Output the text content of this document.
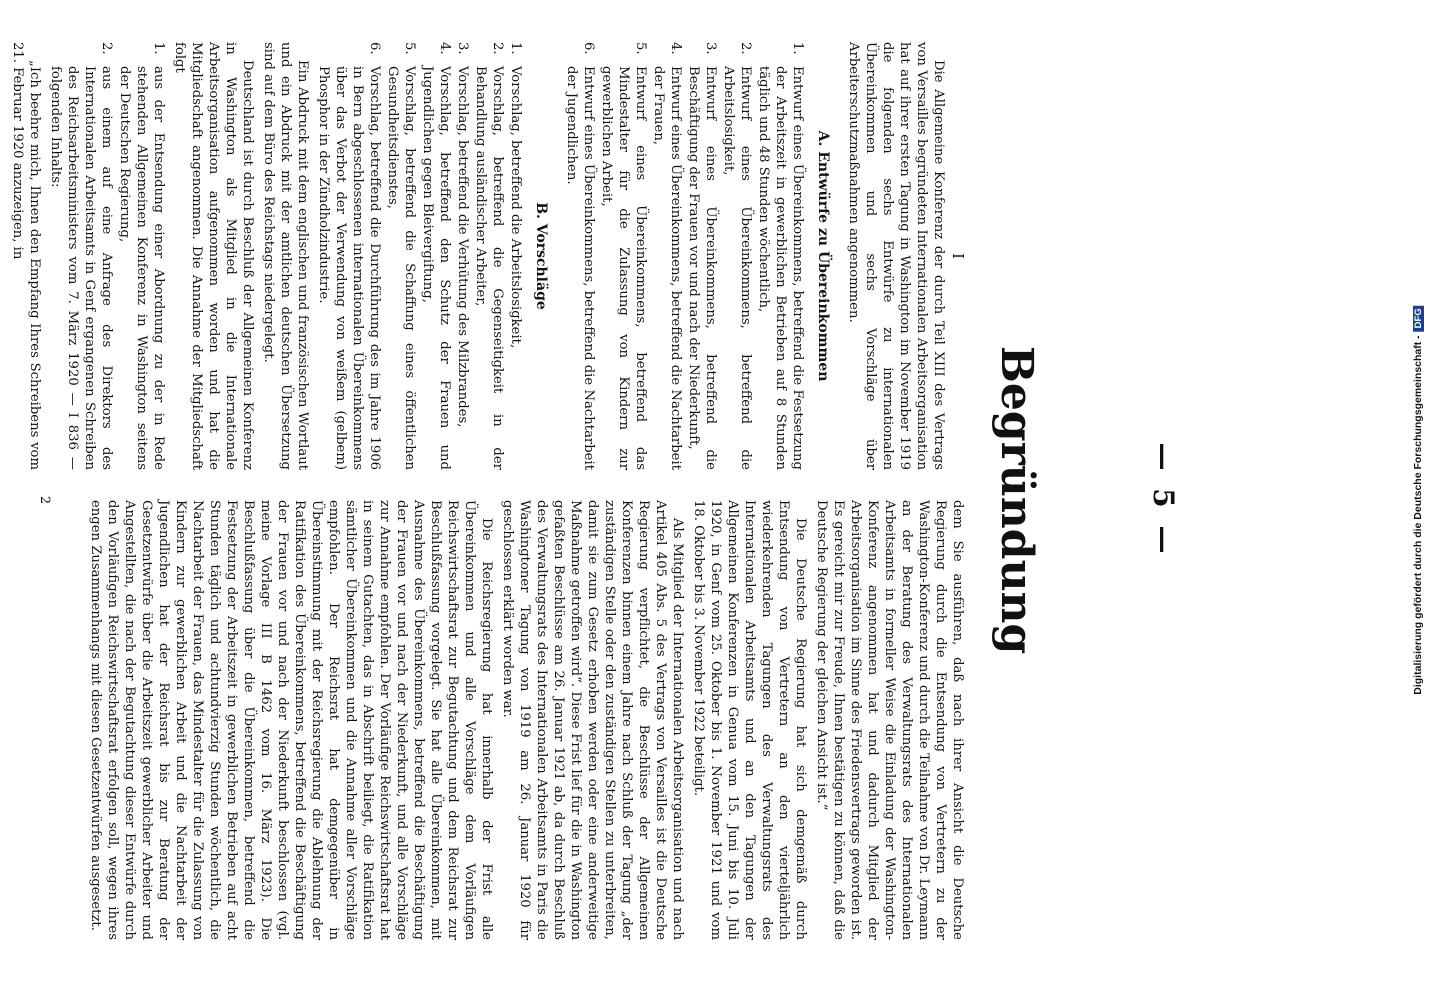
— 5 —
Begründung
I

Die Allgemeine Konferenz der durch Teil XIII des Vertrags von Versailles begründeten Internationalen Arbeitsorganisation hat auf ihrer ersten Tagung in Washington im November 1919 die folgenden sechs Entwürfe zu internationalen Übereinkommen und sechs Vorschläge über Arbeiterschutzmaßnahmen angenommen.

A. Entwürfe zu Übereinkommen
1.
Entwurf eines Übereinkommens, betreffend die Festsetzung der Arbeitszeit in gewerblichen Betrieben auf 8 Stunden täglich und 48 Stunden wöchentlich,
2.
Entwurf eines Übereinkommens, betreffend die Arbeitslosigkeit,
3.
Entwurf eines Übereinkommens, betreffend die Beschäftigung der Frauen vor und nach der Niederkunft,
4.
Entwurf eines Übereinkommens, betreffend die Nachtarbeit der Frauen,
5.
Entwurf eines Übereinkommens, betreffend das Mindestalter für die Zulassung von Kindern zur gewerblichen Arbeit,
6.
Entwurf eines Übereinkommens, betreffend die Nachtarbeit der Jugendlichen.
B. Vorschläge
1.
Vorschlag, betreffend die Arbeitslosigkeit,
2.
Vorschlag, betreffend die Gegenseitigkeit in der Behandlung ausländischer Arbeiter,
3.
Vorschlag, betreffend die Verhütung des Milzbrandes,
4.
Vorschlag, betreffend den Schutz der Frauen und Jugendlichen gegen Bleivergiftung,
5.
Vorschlag, betreffend die Schaffung eines öffentlichen Gesundheitsdienstes,
6.
Vorschlag, betreffend die Durchführung des im Jahre 1906 in Bern abgeschlossenen internationalen Übereinkommens über das Verbot der Verwendung von weißem (gelbem) Phosphor in der Zündholzindustrie.

Ein Abdruck mit dem englischen und französischen Wortlaut und ein Abdruck mit der amtlichen deutschen Übersetzung sind auf dem Büro des Reichstags niedergelegt.

Deutschland ist durch Beschluß der Allgemeinen Konferenz in Washington als Mitglied in die Internationale Arbeitsorganisation aufgenommen worden und hat die Mitgliedschaft angenommen. Die Annahme der Mitgliedschaft folgt

1.
aus der Entsendung einer Abordnung zu der in Rede stehenden Allgemeinen Konferenz in Washington seitens der Deutschen Regierung,
2.
aus einem auf eine Anfrage des Direktors des Internationalen Arbeitsamts in Genf ergangenen Schreiben des Reichsarbeitsministers vom 7. März 1920 — I 836 — folgenden Inhalts:

„Ich beehre mich, Ihnen den Empfang Ihres Schreibens vom 21. Februar 1920 anzuzeigen, in

dem Sie ausführen, daß nach ihrer Ansicht die Deutsche Regierung durch die Entsendung von Vertretern zu der Washington-Konferenz und durch die Teilnahme von Dr. Leymann an der Beratung des Verwaltungsrats des Internationalen Arbeitsamts in formeller Weise die Einladung der Washington-Konferenz angenommen hat und dadurch Mitglied der Arbeitsorganisation im Sinne des Friedensvertrags geworden ist. Es gereicht mir zur Freude, Ihnen bestätigen zu können, daß die Deutsche Regierung der gleichen Ansicht ist.“

Die Deutsche Regierung hat sich demgemäß durch Entsendung von Vertretern an den vierteljährlich wiederkehrenden Tagungen des Verwaltungsrats des Internationalen Arbeitsamts und an den Tagungen der Allgemeinen Konferenzen in Genua vom 15. Juni bis 10. Juli 1920, in Genf vom 25. Oktober bis 1. November 1921 und vom 18. Oktober bis 3. November 1922 beteiligt.

Als Mitglied der Internationalen Arbeitsorganisation und nach Artikel 405 Abs. 5 des Vertrags von Versailles ist die Deutsche Regierung verpflichtet, die Beschlüsse der Allgemeinen Konferenzen binnen einem Jahre nach Schluß der Tagung „der zuständigen Stelle oder den zuständigen Stellen zu unterbreiten, damit sie zum Gesetz erhoben werden oder eine anderweitige Maßnahme getroffen wird“. Diese Frist lief für die in Washington gefaßten Beschlüsse am 26. Januar 1921 ab, da durch Beschluß des Verwaltungsrats des Internationalen Arbeitsamts in Paris die Washingtoner Tagung von 1919 am 26. Januar 1920 für geschlossen erklärt worden war.

Die Reichsregierung hat innerhalb der Frist alle Übereinkommen und alle Vorschläge dem Vorläufigen Reichswirtschaftsrat zur Begutachtung und dem Reichsrat zur Beschlußfassung vorgelegt. Sie hat alle Übereinkommen, mit Ausnahme des Übereinkommens, betreffend die Beschäftigung der Frauen vor und nach der Niederkunft, und alle Vorschläge zur Annahme empfohlen. Der Vorläufige Reichswirtschaftsrat hat in seinem Gutachten, das in Abschrift beiliegt, die Ratifikation sämtlicher Übereinkommen und die Annahme aller Vorschläge empfohlen. Der Reichsrat hat demgegenüber in Übereinstimmung mit der Reichsregierung die Ablehnung der Ratifikation des Übereinkommens, betreffend die Beschäftigung der Frauen vor und nach der Niederkunft beschlossen (vgl. meine Vorlage III B 1462 vom 16. März 1923). Die Beschlußfassung über die Übereinkommen, betreffend die Festsetzung der Arbeitszeit in gewerblichen Betrieben auf acht Stunden täglich und achtundvierzig Stunden wöchentlich, die Nachtarbeit der Frauen, das Mindestalter für die Zulassung von Kindern zur gewerblichen Arbeit und die Nachtarbeit der Jugendlichen hat der Reichsrat bis zur Beratung der Gesetzentwürfe über die Arbeitszeit gewerblicher Arbeiter und Angestellten, die nach der Begutachtung dieser Entwürfe durch den Vorläufigen Reichswirtschaftsrat erfolgen soll, wegen ihres engen Zusammenhangs mit diesen Gesetzentwürfen ausgesetzt.

2	Digitalisierung gefördert durch die Deutsche Forschungsgemeinschaft -DFG
